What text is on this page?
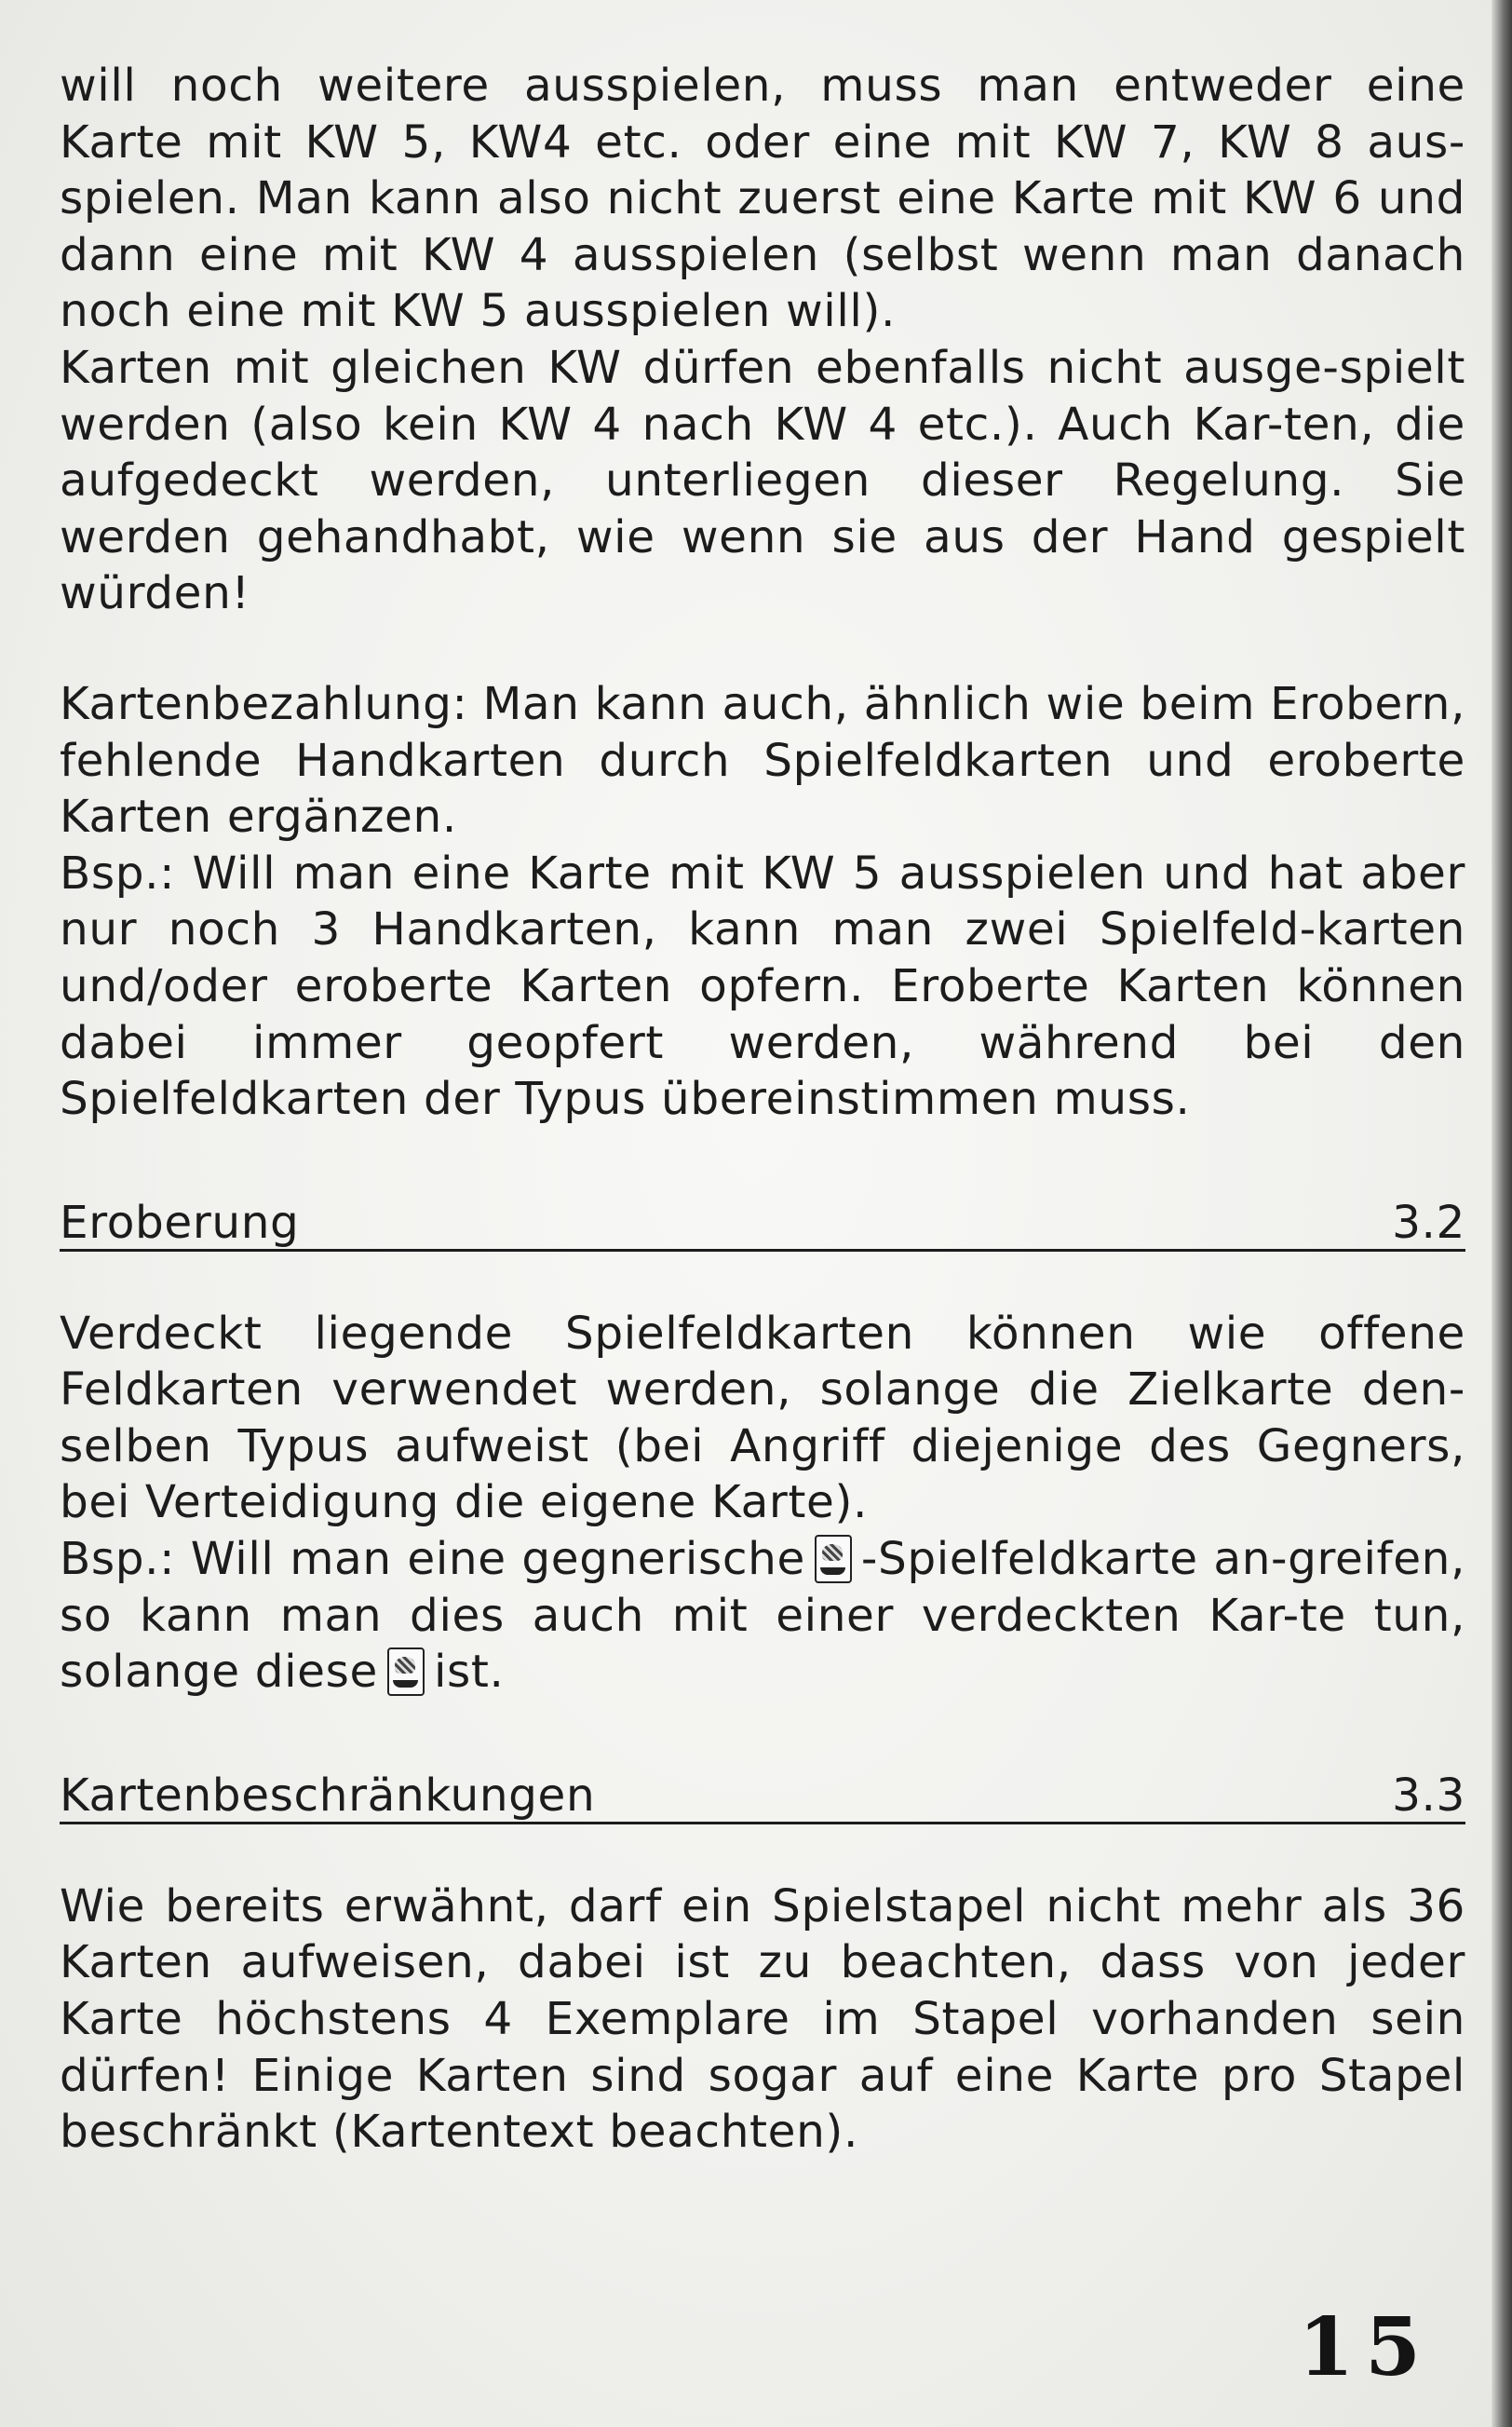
will noch weitere ausspielen, muss man entweder eine Karte mit KW 5, KW4 etc. oder eine mit KW 7, KW 8 aus-spielen. Man kann also nicht zuerst eine Karte mit KW 6 und dann eine mit KW 4 ausspielen (selbst wenn man danach noch eine mit KW 5 ausspielen will).

Karten mit gleichen KW dürfen ebenfalls nicht ausge-spielt werden (also kein KW 4 nach KW 4 etc.). Auch Kar-ten, die aufgedeckt werden, unterliegen dieser Regelung. Sie werden gehandhabt, wie wenn sie aus der Hand gespielt würden!

Kartenbezahlung: Man kann auch, ähnlich wie beim Erobern, fehlende Handkarten durch Spielfeldkarten und eroberte Karten ergänzen.

Bsp.: Will man eine Karte mit KW 5 ausspielen und hat aber nur noch 3 Handkarten, kann man zwei Spielfeld-karten und/oder eroberte Karten opfern. Eroberte Karten können dabei immer geopfert werden, während bei den Spielfeldkarten der Typus übereinstimmen muss.

Eroberung	3.2

Verdeckt liegende Spielfeldkarten können wie offene Feldkarten verwendet werden, solange die Zielkarte den-selben Typus aufweist (bei Angriff diejenige des Gegners, bei Verteidigung die eigene Karte).

Bsp.: Will man eine gegnerische -Spielfeldkarte an-greifen, so kann man dies auch mit einer verdeckten Kar-te tun, solange diese ist.

Kartenbeschränkungen	3.3

Wie bereits erwähnt, darf ein Spielstapel nicht mehr als 36 Karten aufweisen, dabei ist zu beachten, dass von jeder Karte höchstens 4 Exemplare im Stapel vorhanden sein dürfen! Einige Karten sind sogar auf eine Karte pro Stapel beschränkt (Kartentext beachten).

15
